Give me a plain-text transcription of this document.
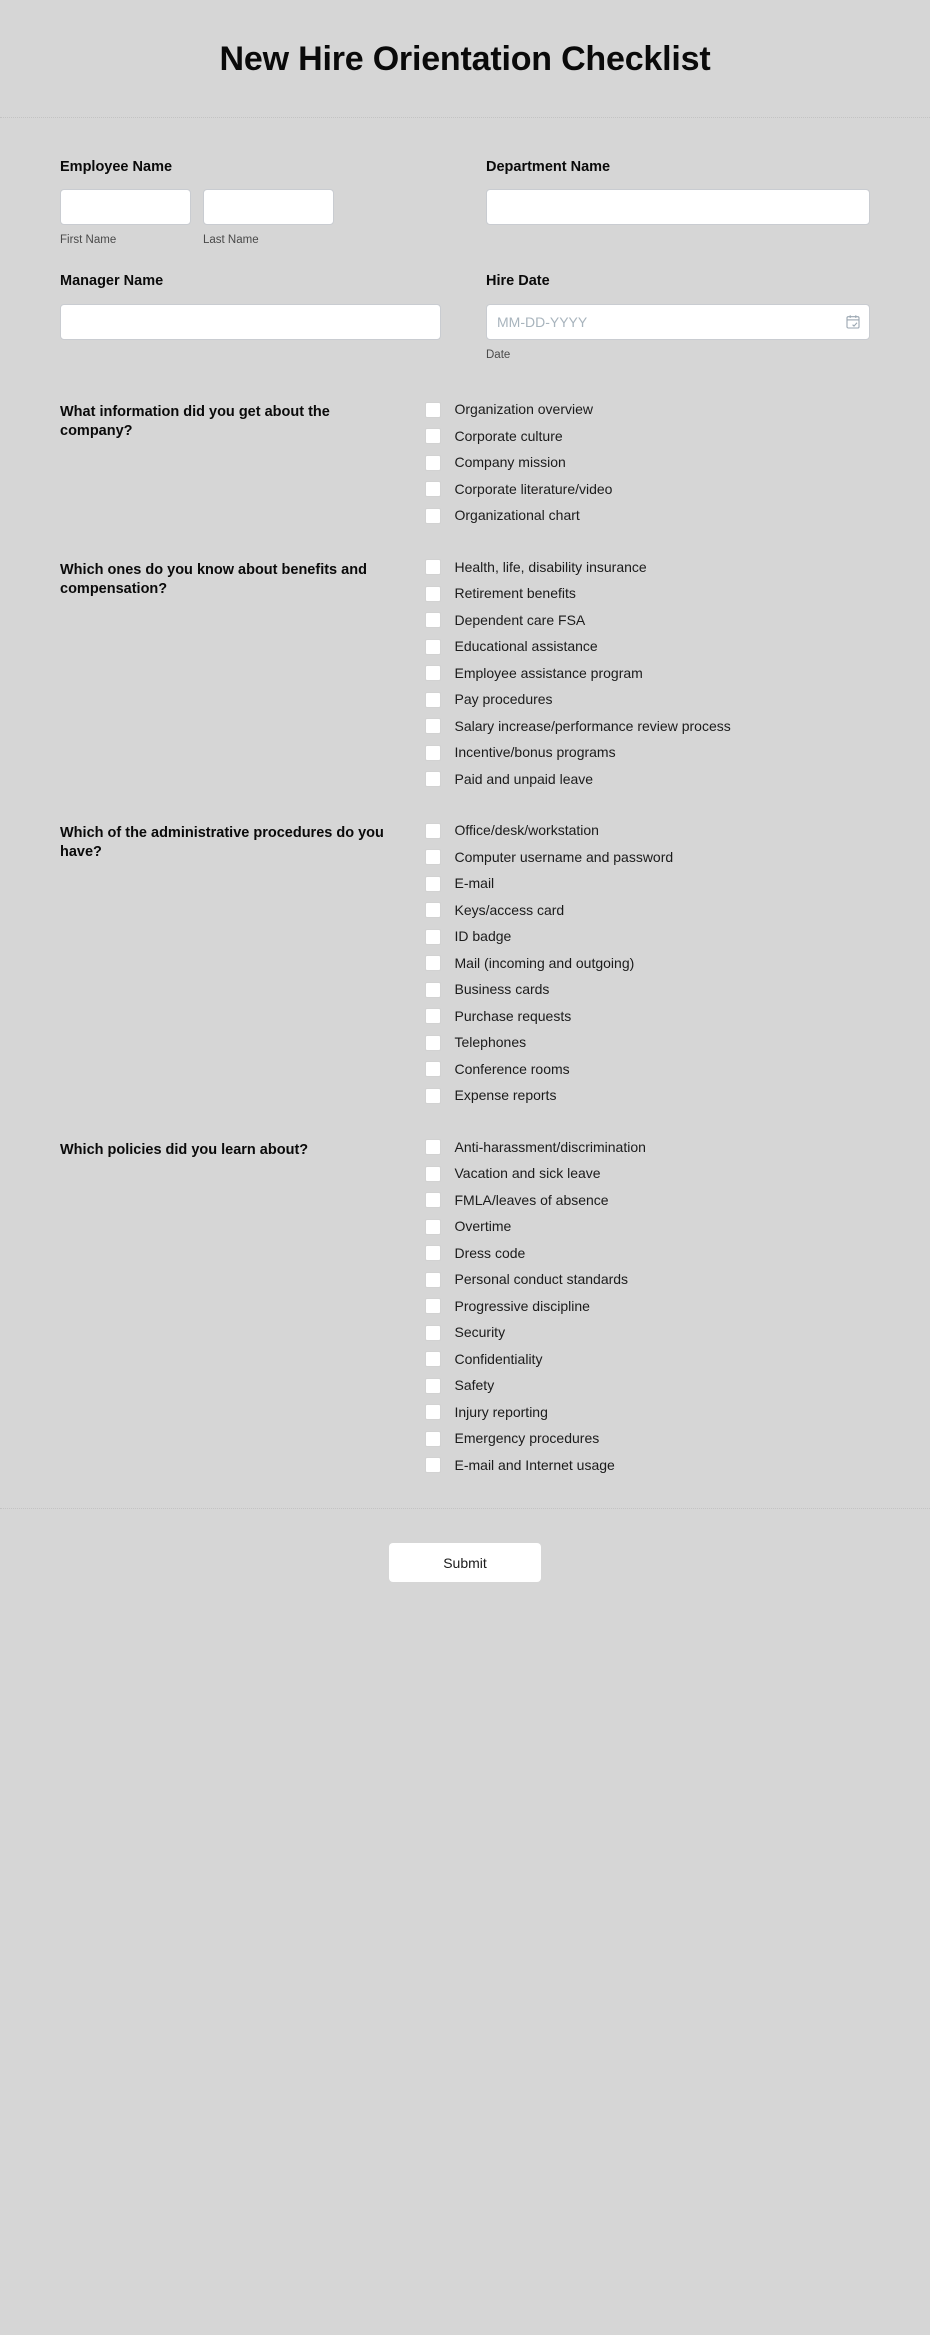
New Hire Orientation Checklist
Employee Name
First Name	Last Name
Department Name
Manager Name	Hire Date
MM-DD-YYYY
Date
What information did you get about the company?
Organization overview
Corporate culture
Company mission
Corporate literature/video
Organizational chart
Which ones do you know about benefits and compensation?
Health, life, disability insurance
Retirement benefits
Dependent care FSA
Educational assistance
Employee assistance program
Pay procedures
Salary increase/performance review process
Incentive/bonus programs
Paid and unpaid leave
Which of the administrative procedures do you have?
Office/desk/workstation
Computer username and password
E-mail
Keys/access card
ID badge
Mail (incoming and outgoing)
Business cards
Purchase requests
Telephones
Conference rooms
Expense reports
Which policies did you learn about?	Anti-harassment/discrimination
Vacation and sick leave
FMLA/leaves of absence
Overtime
Dress code
Personal conduct standards
Progressive discipline
Security
Confidentiality
Safety
Injury reporting
Emergency procedures
E-mail and Internet usage
Submit
